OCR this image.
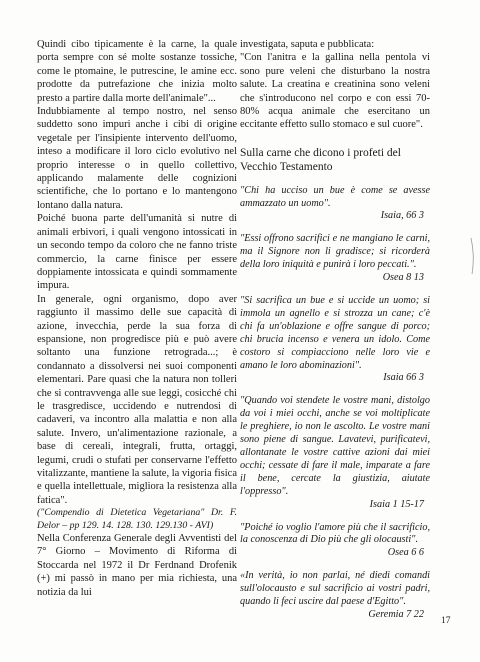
Quindi cibo tipicamente è la carne, la quale porta sempre con sé molte sostanze tossiche, come le ptomaine, le putrescine, le amine ecc. prodotte da putrefazione che inizia molto presto a partire dalla morte dell'animale"...

Indubbiamente al tempo nostro, nel senso suddetto sono impuri anche i cibi di origine vegetale per l'insipiente intervento dell'uomo, inteso a modificare il loro ciclo evolutivo nel proprio interesse o in quello collettivo, applicando malamente delle cognizioni scientifiche, che lo portano e lo mantengono lontano dalla natura.

Poiché buona parte dell'umanità si nutre di animali erbivori, i quali vengono intossicati in un secondo tempo da coloro che ne fanno triste commercio, la carne finisce per essere doppiamente intossicata e quindi sommamente impura.

In generale, ogni organismo, dopo aver raggiunto il massimo delle sue capacità di azione, invecchia, perde la sua forza di espansione, non progredisce più e può avere soltanto una funzione retrograda...; è condannato a dissolversi nei suoi componenti elementari. Pare quasi che la natura non tolleri che si contravvenga alle sue leggi, cosicché chi le trasgredisce, uccidendo e nutrendosi di cadaveri, va incontro alla malattia e non alla salute. Invero, un'alimentazione razionale, a base di cereali, integrali, frutta, ortaggi, legumi, crudi o stufati per conservarne l'effetto vitalizzante, mantiene la salute, la vigoria fisica e quella intellettuale, migliora la resistenza alla fatica".

("Compendio di Dietetica Vegetariana" Dr. F. Delor – pp 129. 14. 128. 130. 129.130 - AVI)

Nella Conferenza Generale degli Avventisti del 7° Giorno – Movimento di Riforma di Stoccarda nel 1972 il Dr Ferdnand Drofenik (+) mi passò in mano per mia richiesta, una notizia da lui

investigata, saputa e pubblicata:

"Con l'anitra e la gallina nella pentola vi sono pure veleni che disturbano la nostra salute. La creatina e creatinina sono veleni che s'introducono nel corpo e con essi 70-80% acqua animale che esercitano un eccitante effetto sullo stomaco e sul cuore".

Sulla carne che dicono i profeti del Vecchio Testamento

"Chi ha ucciso un bue è come se avesse ammazzato un uomo".
Isaia, 66 3

"Essi offrono sacrifici e ne mangiano le carni, ma il Signore non li gradisce; si ricorderà della loro iniquità e punirà i loro peccati.".
Osea 8 13

"Si sacrifica un bue e si uccide un uomo; si immola un agnello e si strozza un cane; c'è chi fa un'oblazione e offre sangue di porco; chi brucia incenso e venera un idolo. Come costoro si compiacciono nelle loro vie e amano le loro abominazioni".
Isaia 66 3

"Quando voi stendete le vostre mani, distolgo da voi i miei occhi, anche se voi moltiplicate le preghiere, io non le ascolto. Le vostre mani sono piene di sangue. Lavatevi, purificatevi, allontanate le vostre cattive azioni dai miei occhi; cessate di fare il male, imparate a fare il bene, cercate la giustizia, aiutate l'oppresso".
Isaia 1 15-17

"Poiché io voglio l'amore più che il sacrificio, la conoscenza di Dio più che gli olocausti".
Osea 6 6

«In verità, io non parlai, né diedi comandi sull'olocausto e sul sacrificio ai vostri padri, quando li feci uscire dal paese d'Egitto".
Geremia 7 22

17
